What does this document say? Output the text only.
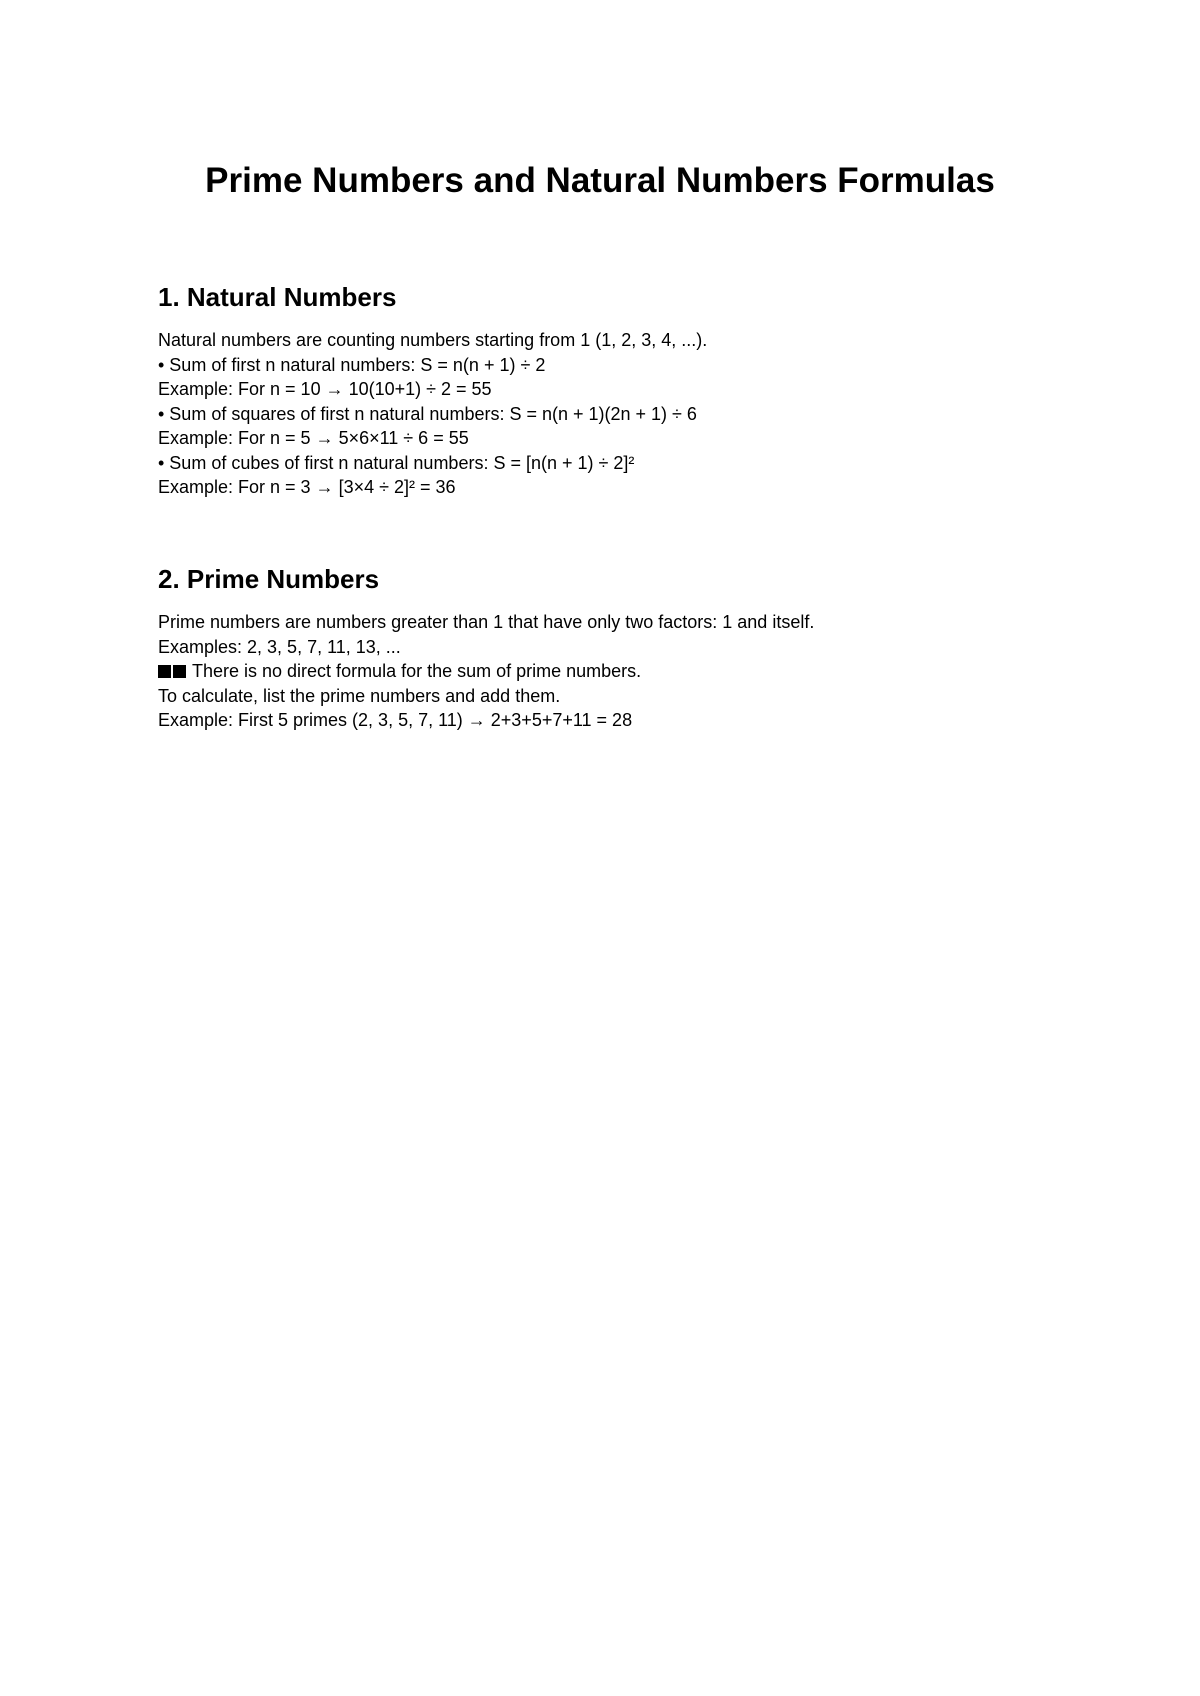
Prime Numbers and Natural Numbers Formulas
1. Natural Numbers

Natural numbers are counting numbers starting from 1 (1, 2, 3, 4, ...).

• Sum of first n natural numbers: S = n(n + 1) ÷ 2

Example: For n = 10 → 10(10+1) ÷ 2 = 55

• Sum of squares of first n natural numbers: S = n(n + 1)(2n + 1) ÷ 6

Example: For n = 5 → 5×6×11 ÷ 6 = 55

• Sum of cubes of first n natural numbers: S = [n(n + 1) ÷ 2]²

Example: For n = 3 → [3×4 ÷ 2]² = 36

2. Prime Numbers

Prime numbers are numbers greater than 1 that have only two factors: 1 and itself.

Examples: 2, 3, 5, 7, 11, 13, ...

There is no direct formula for the sum of prime numbers.

To calculate, list the prime numbers and add them.

Example: First 5 primes (2, 3, 5, 7, 11) → 2+3+5+7+11 = 28
